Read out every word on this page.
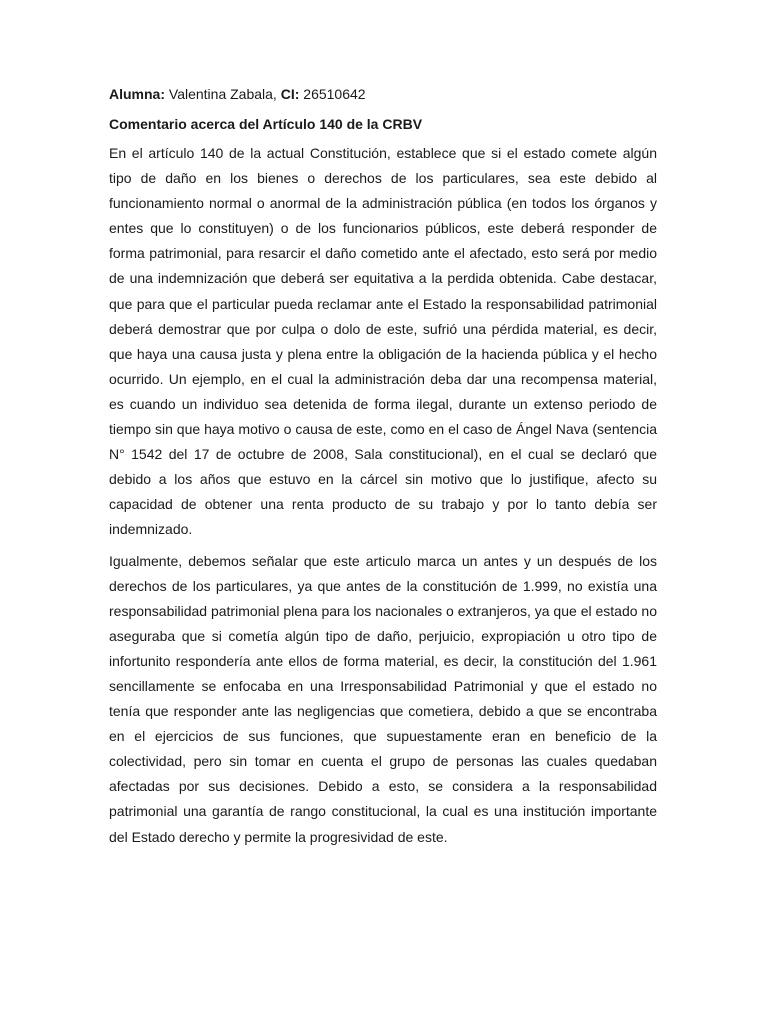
Alumna: Valentina Zabala, CI: 26510642

Comentario acerca del Artículo 140 de la CRBV

En el artículo 140 de la actual Constitución, establece que si el estado comete algún tipo de daño en los bienes o derechos de los particulares, sea este debido al funcionamiento normal o anormal de la administración pública (en todos los órganos y entes que lo constituyen) o de los funcionarios públicos, este deberá responder de forma patrimonial, para resarcir el daño cometido ante el afectado, esto será por medio de una indemnización que deberá ser equitativa a la perdida obtenida. Cabe destacar, que para que el particular pueda reclamar ante el Estado la responsabilidad patrimonial deberá demostrar que por culpa o dolo de este, sufrió una pérdida material, es decir, que haya una causa justa y plena entre la obligación de la hacienda pública y el hecho ocurrido. Un ejemplo, en el cual la administración deba dar una recompensa material, es cuando un individuo sea detenida de forma ilegal, durante un extenso periodo de tiempo sin que haya motivo o causa de este, como en el caso de Ángel Nava (sentencia N° 1542 del 17 de octubre de 2008, Sala constitucional), en el cual se declaró que debido a los años que estuvo en la cárcel sin motivo que lo justifique, afecto su capacidad de obtener una renta producto de su trabajo y por lo tanto debía ser indemnizado.

Igualmente, debemos señalar que este articulo marca un antes y un después de los derechos de los particulares, ya que antes de la constitución de 1.999, no existía una responsabilidad patrimonial plena para los nacionales o extranjeros, ya que el estado no aseguraba que si cometía algún tipo de daño, perjuicio, expropiación u otro tipo de infortunito respondería ante ellos de forma material, es decir, la constitución del 1.961 sencillamente se enfocaba en una Irresponsabilidad Patrimonial y que el estado no tenía que responder ante las negligencias que cometiera, debido a que se encontraba en el ejercicios de sus funciones, que supuestamente eran en beneficio de la colectividad, pero sin tomar en cuenta el grupo de personas las cuales quedaban afectadas por sus decisiones. Debido a esto, se considera a la responsabilidad patrimonial una garantía de rango constitucional, la cual es una institución importante del Estado derecho y permite la progresividad de este.
